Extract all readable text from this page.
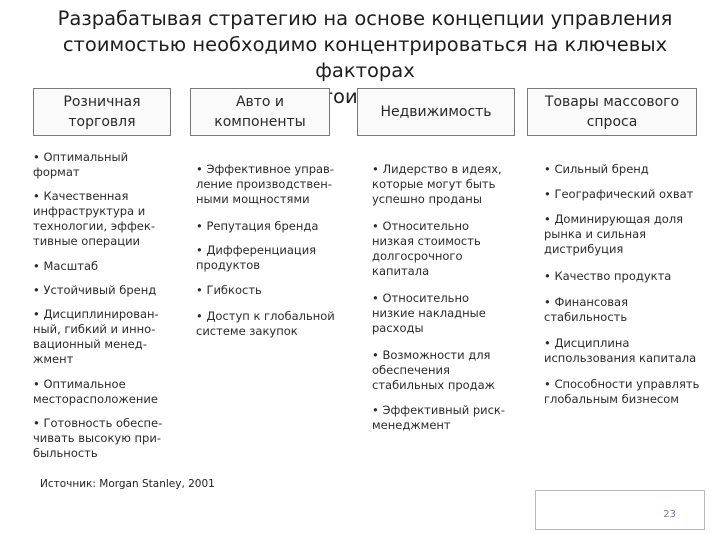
Разрабатывая стратегию на основе концепции управления
стоимостью необходимо концентрироваться на ключевых факторах
Розничная
торговля
Авто и
компоненты
Недвижимость
Товары массового
спроса
• Оптимальный
формат
• Качественная
инфраструктура и
технологии, эффек-
тивные операции
• Масштаб
• Устойчивый бренд
• Дисциплинирован-
ный, гибкий и инно-
вационный менед-
жмент
• Оптимальное
месторасположение
• Готовность обеспе-
чивать высокую при-
быльность
• Эффективное управ-
ление производствен-
ными мощностями
• Репутация бренда
• Дифференциация
продуктов
• Гибкость
• Доступ к глобальной
системе закупок
• Лидерство в идеях,
которые могут быть
успешно проданы
• Относительно
низкая стоимость
долгосрочного
капитала
• Относительно
низкие накладные
расходы
• Возможности для
обеспечения
стабильных продаж
• Эффективный риск-
менеджмент
• Сильный бренд
• Географический охват
• Доминирующая доля
рынка и сильная
дистрибуция
• Качество продукта
• Финансовая
стабильность
• Дисциплина
использования капитала
• Способности управлять
глобальным бизнесом
Источник: Morgan Stanley, 2001
23
